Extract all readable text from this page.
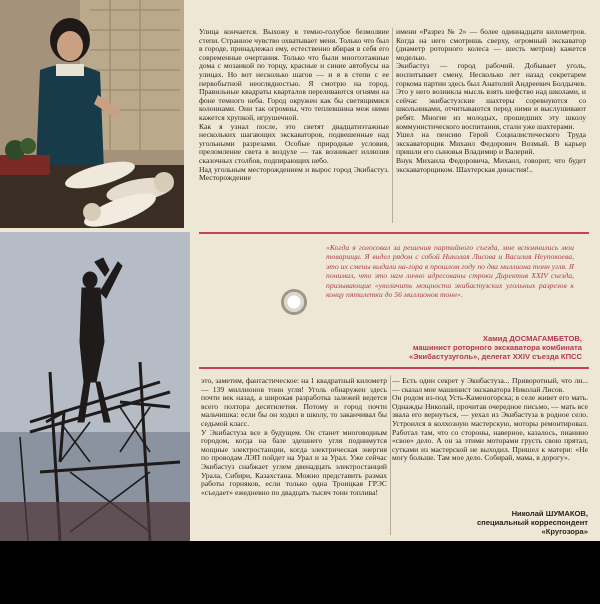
Улица кончается. Выхожу в темно-голубое безмолвие степи. Странное чувство охватывает меня. Только что был в городе, принадлежал ему, естественно вбирая в себя его современные очертания. Только что были многоэтажные дома с мозаикой по торцу, красные и синие автобусы на улицах. Но вот несколько шагов — и я в степи с ее первобытной неоглядностью. Я смотрю на город. Правильные квадраты кварталов переливаются огнями на фоне темного неба. Город окружен как бы светящимися колоннами. Они так огромны, что теплевшина меж ними кажется хрупкой, игрушечной.
Как я узнал после, это светят двадцатиэтажные нескольких шагающих экскаваторов, подвешенные над угольными разрезами. Особые природные условия, преломление света в воздухе — так возникает иллюзия сказочных столбов, подпирающих небо.
Над угольным месторождением и вырос город Экибастуз. Месторождение
имени «Разрез № 2» — более одиннадцати километров. Когда на него смотришь сверху, огромный экскаватор (диаметр роторного колеса — шесть метров) кажется моделью.
Экибастуз — город рабочий. Добывает уголь, воспитывает смену. Несколько лет назад секретарем горкома партии здесь был Анатолий Андреевич Болдычев. Это у него возникла мысль взять шефство над школами, и сейчас экибастузские шахтеры соревнуются со школьниками, отчитываются перед ними и выслушивают ребят. Многие из молодых, прошедших эту школу коммунистического воспитания, стали уже шахтерами.
Ушел на пенсию Герой Социалистического Труда экскаваторщик Михаил Федорович Возмый. В карьер пришли его сыновья Владимир и Валерий.
Внук Михаила Федоровича, Михаил, говорит, что будет экскаваторщиком. Шахтерская династия!..
«Когда я голосовал за решения партийного съезда, мне вспомнились мои товарищи. Я видел рядом с собой Николая Лисова и Василия Неупокоева, это их смены выдали на-гора в прошлом году по два миллиона тонн угля. Я понимал, что это нам лично адресованы строки Директив XXIV съезда, призывающие «увеличить мощности экибастузских угольных разрезов к концу пятилетки до 56 миллионов тонн».
Хамид ДОСМАГАМБЕТОВ,
машинист роторного экскаватора комбината
«Экибастузуголь», делегат XXIV съезда КПСС
это, заметим, фантастическое: на 1 квадратный километр — 139 миллионов тонн угля! Уголь обнаружен здесь почти век назад, а широкая разработка залежей ведется всего полтора десятилетия. Потому и город почти мальчишка: если бы он ходил в школу, то заканчивал бы седьмой класс.
У Экибастуза все в будущем. Он станет многоводным городом, когда на базе здешнего угля поднимутся мощные электростанции, когда электрическая энергия по проводам ЛЭП пойдет на Урал и за Урал. Уже сейчас Экибастуз снабжает углем двенадцать электростанций Урала, Сибири, Казахстана. Можно представить размах работы горняков, если только одна Троицкая ГРЭС «съедает» ежедневно по двадцать тысяч тонн топлива!
— Есть один секрет у Экибастуза... Приворотный, что ли... — сказал мне машинист экскаватора Николай Лисов.
Он родом из-под Усть-Каменогорска; в селе живет его мать. Однажды Николай, прочитав очередное письмо, — мать все звала его вернуться, — уехал из Экибастуза в родное село. Устроился в колхозную мастерскую, моторы ремонтировал. Работал там, что со стороны, наверное, казалось, пианино «свое» дело. А он за этими моторами грусть свою прятал, сутками из мастерской не выходил. Пришел к матери: «Не могу больше. Там мое дело. Собирай, мама, в дорогу».
Николай ШУМАКОВ,
специальный корреспондент
«Кругозора»
